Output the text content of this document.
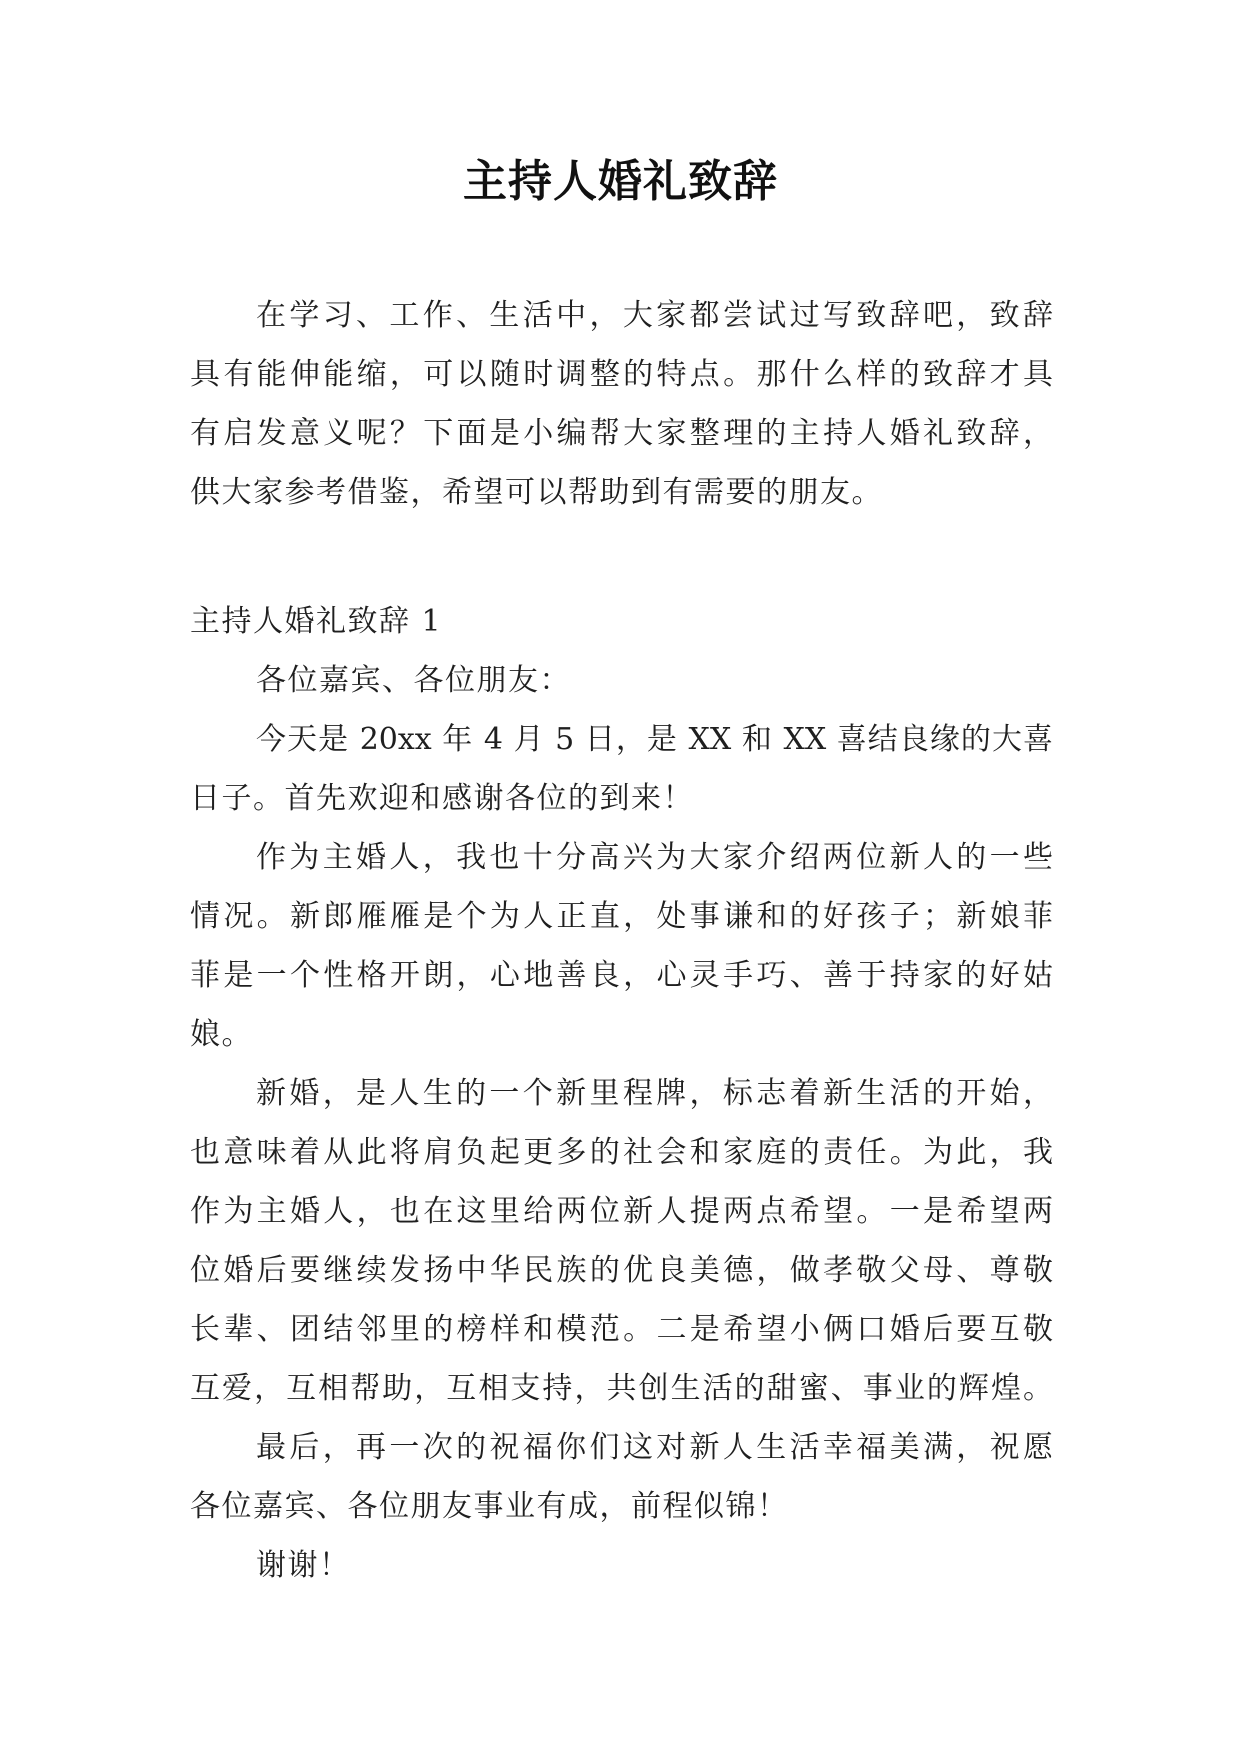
主持人婚礼致辞
在学习、工作、生活中，大家都尝试过写致辞吧，致辞
具有能伸能缩，可以随时调整的特点。那什么样的致辞才具
有启发意义呢？下面是小编帮大家整理的主持人婚礼致辞，
供大家参考借鉴，希望可以帮助到有需要的朋友。
主持人婚礼致辞 1
各位嘉宾、各位朋友：
今天是 20xx 年 4 月 5 日，是 XX 和 XX 喜结良缘的大喜
日子。首先欢迎和感谢各位的到来！
作为主婚人，我也十分高兴为大家介绍两位新人的一些
情况。新郎雁雁是个为人正直，处事谦和的好孩子；新娘菲
菲是一个性格开朗，心地善良，心灵手巧、善于持家的好姑
娘。
新婚，是人生的一个新里程牌，标志着新生活的开始，
也意味着从此将肩负起更多的社会和家庭的责任。为此，我
作为主婚人，也在这里给两位新人提两点希望。一是希望两
位婚后要继续发扬中华民族的优良美德，做孝敬父母、尊敬
长辈、团结邻里的榜样和模范。二是希望小俩口婚后要互敬
互爱，互相帮助，互相支持，共创生活的甜蜜、事业的辉煌。
最后，再一次的祝福你们这对新人生活幸福美满，祝愿
各位嘉宾、各位朋友事业有成，前程似锦！
谢谢！
